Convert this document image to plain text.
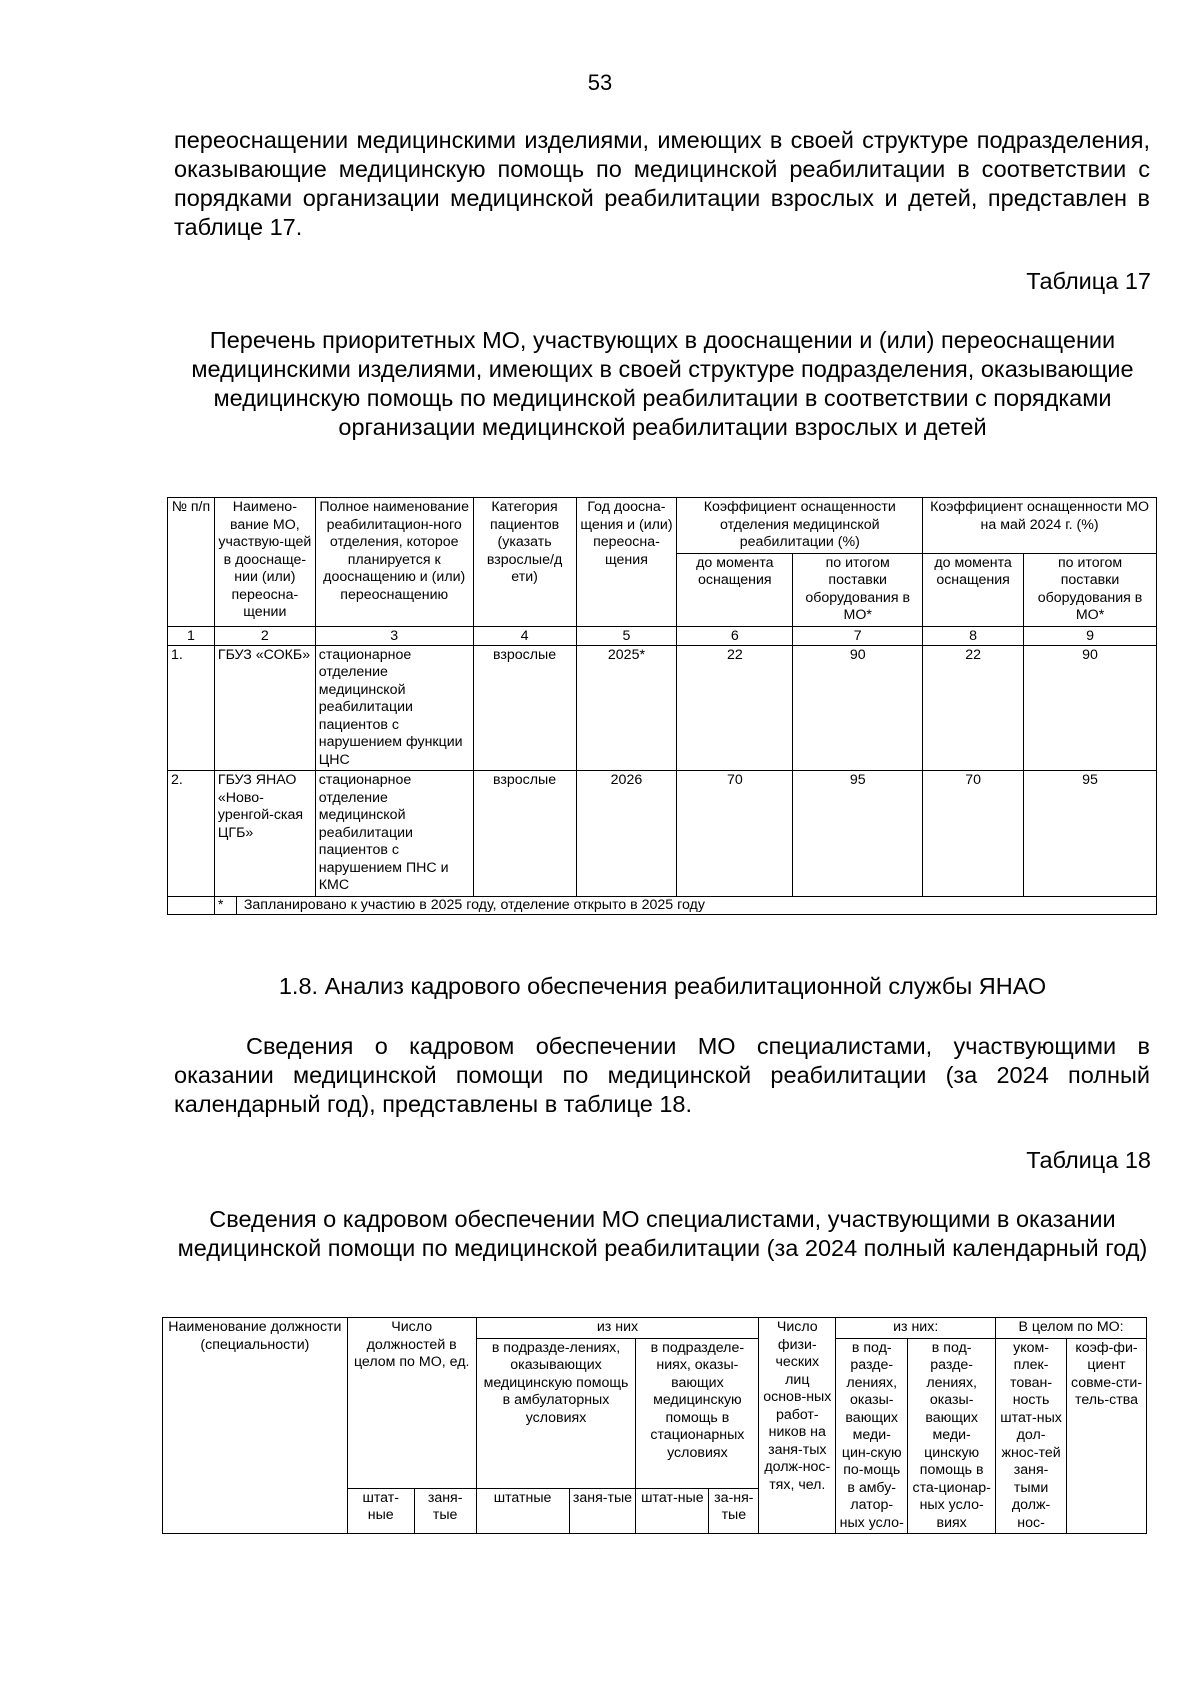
53

переоснащении медицинскими изделиями, имеющих в своей структуре подразделения, оказывающие медицинскую помощь по медицинской реабилитации в соответствии с порядками организации медицинской реабилитации взрослых и детей, представлен в таблице 17.

Таблица 17

Перечень приоритетных МО, участвующих в дооснащении и (или) переоснащении медицинскими изделиями, имеющих в своей структуре подразделения, оказывающие медицинскую помощь по медицинской реабилитации в соответствии с порядками организации медицинской реабилитации взрослых и детей

№ п/п	Наимено-вание МО, участвую-щей в дооснаще-нии (или) переосна-щении	Полное наименование реабилитацион-ного отделения, которое планируется к дооснащению и (или) переоснащению	Категория пациентов (указать взрослые/д ети)	Год дооcна-щения и (или) переосна-щения	Коэффициент оснащенности отделения медицинской реабилитации (%)		Коэффициент оснащенности МО на май 2024 г. (%)	
					до момента оснащения	по итогом поставки оборудования в МО*	до момента оснащения	по итогом поставки оборудования в МО*
1	2	3	4	5	6	7	8	9
1.	ГБУЗ «СОКБ»	стационарное отделение медицинской реабилитации пациентов с нарушением функции ЦНС	взрослые	2025*	22	90	22	90
2.	ГБУЗ ЯНАО «Ново-уренгой-ская ЦГБ»	стационарное отделение медицинской реабилитации пациентов с нарушением ПНС и КМС	взрослые	2026	70	95	70	95
	* Запланировано к участию в 2025 году, отделение открыто в 2025 году							
1.8. Анализ кадрового обеспечения реабилитационной службы ЯНАО

Сведения о кадровом обеспечении МО специалистами, участвующими в оказании медицинской помощи по медицинской реабилитации (за 2024 полный календарный год), представлены в таблице 18.

Таблица 18

Сведения о кадровом обеспечении МО специалистами, участвующими в оказании медицинской помощи по медицинской реабилитации (за 2024 полный календарный год)

Наименование должности (специальности)	Число должностей в целом по МО, ед.		из них				Число физи-ческих лиц основ-ных работ-ников на заня-тых долж-нос-тях, чел.	из них:		В целом по МО:	
			в подразде-лениях, оказывающих медицинскую помощь в амбулаторных условиях		в подразделе-ниях, оказы-вающих медицинскую помощь в стационарных условиях			в под-разде-лениях, оказы-вающих меди-цин-скую по-мощь в амбу-латор-ных усло-	в под-разде-лениях, оказы-вающих меди-цинскую помощь в ста-ционар-ных усло-виях	уком-плек-тован-ность штат-ных дол-жнос-тей заня-тыми долж-нос-	коэф-фи-циент совме-сти-тель-ства
	штат-ные	заня-тые	штатные	заня-тые	штат-ные	за-ня-тые					
